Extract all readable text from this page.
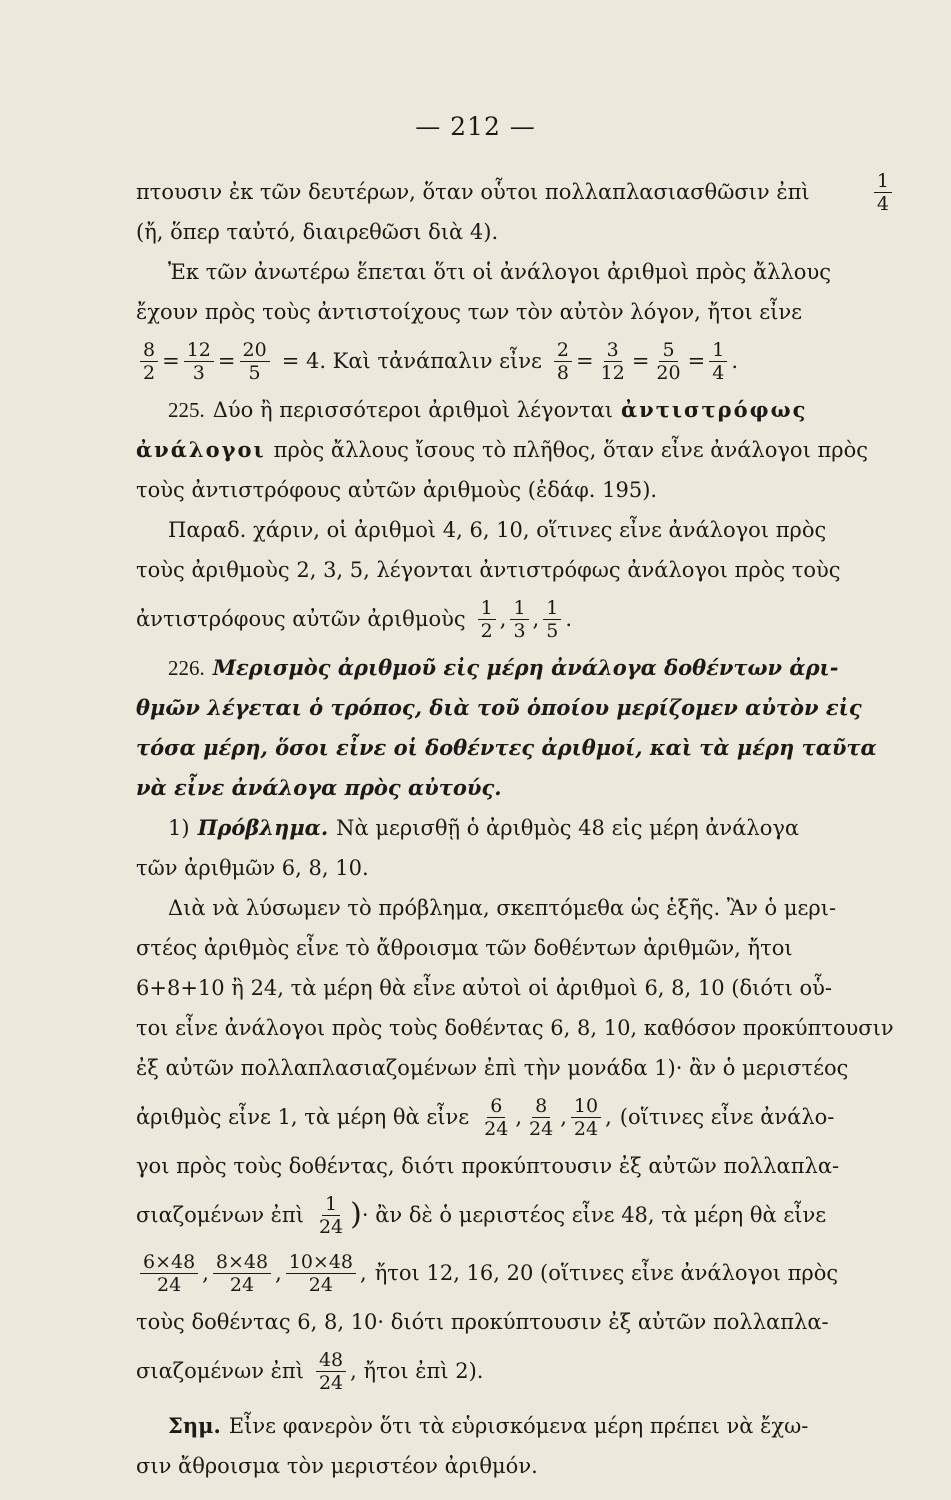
— 212 —
πτουσιν ἐκ τῶν δευτέρων, ὅταν οὗτοι πολλαπλασιασθῶσιν ἐπὶ	$\frac{1}{4}$
(ἤ, ὅπερ ταὐτό, διαιρεθῶσι διὰ 4).
Ἐκ τῶν ἀνωτέρω ἕπεται ὅτι οἱ ἀνάλογοι ἀριθμοὶ πρὸς ἄλλους
ἔχουν πρὸς τοὺς ἀντιστοίχους των τὸν αὐτὸν λόγον, ἤτοι εἶνε
$\frac{8}{2} = \frac{12}{3} = \frac{20}{5} = 4$. Καὶ τἀνάπαλιν εἶνε $\frac{2}{8} = \frac{3}{12} = \frac{5}{20} = \frac{1}{4}$ .
225. Δύο ἢ περισσότεροι ἀριθμοὶ λέγονται ἀντιστρόφως
ἀνάλογοι πρὸς ἄλλους ἴσους τὸ πλῆθος, ὅταν εἶνε ἀνάλογοι πρὸς
τοὺς ἀντιστρόφους αὐτῶν ἀριθμοὺς (ἐδάφ. 195).
Παραδ. χάριν, οἱ ἀριθμοὶ 4, 6, 10, οἵτινες εἶνε ἀνάλογοι πρὸς
τοὺς ἀριθμοὺς 2, 3, 5, λέγονται ἀντιστρόφως ἀνάλογοι πρὸς τοὺς
ἀντιστρόφους αὐτῶν ἀριθμοὺς $\frac{1}{2}$ , $\frac{1}{3}$ , $\frac{1}{5}$ .
226. Μερισμὸς ἀριθμοῦ εἰς μέρη ἀνάλογα δοθέντων ἀρι-
θμῶν λέγεται ὁ τρόπος, διὰ τοῦ ὁποίου μερίζομεν αὐτὸν εἰς
τόσα μέρη, ὅσοι εἶνε οἱ δοθέντες ἀριθμοί, καὶ τὰ μέρη ταῦτα
νὰ εἶνε ἀνάλογα πρὸς αὐτούς.
1) Πρόβλημα. Νὰ μερισθῇ ὁ ἀριθμὸς 48 εἰς μέρη ἀνάλογα
τῶν ἀριθμῶν 6, 8, 10.
Διὰ νὰ λύσωμεν τὸ πρόβλημα, σκεπτόμεθα ὡς ἑξῆς. Ἂν ὁ μερι-
στέος ἀριθμὸς εἶνε τὸ ἄθροισμα τῶν δοθέντων ἀριθμῶν, ἤτοι
6+8+10 ἢ 24, τὰ μέρη θὰ εἶνε αὐτοὶ οἱ ἀριθμοὶ 6, 8, 10 (διότι οὗ-
τοι εἶνε ἀνάλογοι πρὸς τοὺς δοθέντας 6, 8, 10, καθόσον προκύπτουσιν
ἐξ αὐτῶν πολλαπλασιαζομένων ἐπὶ τὴν μονάδα 1)· ἂν ὁ μεριστέος
ἀριθμὸς εἶνε 1, τὰ μέρη θὰ εἶνε $\frac{6}{24}$ , $\frac{8}{24}$ , $\frac{10}{24}$ , (οἵτινες εἶνε ἀνάλο-
γοι πρὸς τοὺς δοθέντας, διότι προκύπτουσιν ἐξ αὐτῶν πολλαπλα-
σιαζομένων ἐπὶ $\frac{1}{24}$ ) · ἂν δὲ ὁ μεριστέος εἶνε 48, τὰ μέρη θὰ εἶνε
$\frac{6\times 48}{24}$ , $\frac{8\times 48}{24}$ , $\frac{10\times 48}{24}$ , ἤτοι 12, 16, 20 (οἵτινες εἶνε ἀνάλογοι πρὸς
τοὺς δοθέντας 6, 8, 10· διότι προκύπτουσιν ἐξ αὐτῶν πολλαπλα-
σιαζομένων ἐπὶ $\frac{48}{24}$ , ἤτοι ἐπὶ 2).
Σημ. Εἶνε φανερὸν ὅτι τὰ εὑρισκόμενα μέρη πρέπει νὰ ἔχω-
σιν ἄθροισμα τὸν μεριστέον ἀριθμόν.
